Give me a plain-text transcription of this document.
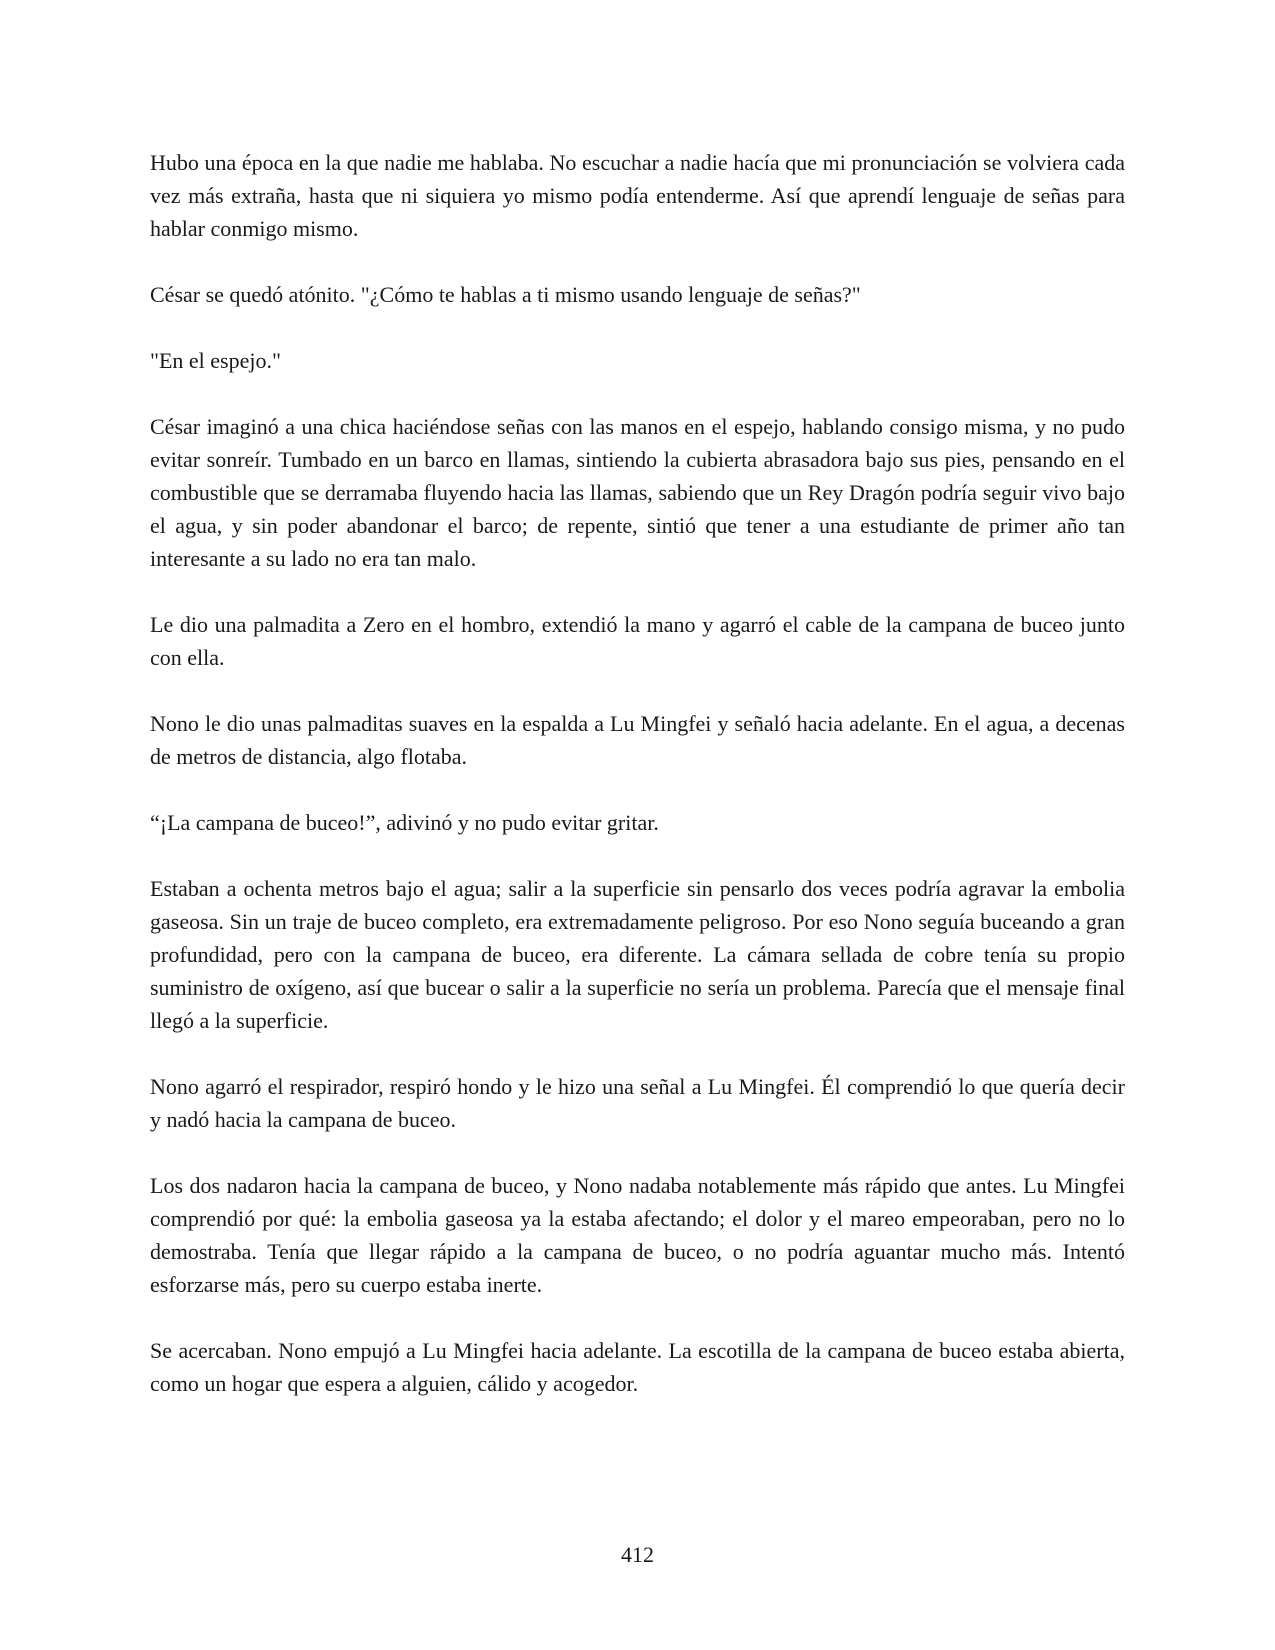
Hubo una época en la que nadie me hablaba. No escuchar a nadie hacía que mi pronunciación se volviera cada vez más extraña, hasta que ni siquiera yo mismo podía entenderme. Así que aprendí lenguaje de señas para hablar conmigo mismo.

César se quedó atónito. "¿Cómo te hablas a ti mismo usando lenguaje de señas?"

"En el espejo."

César imaginó a una chica haciéndose señas con las manos en el espejo, hablando consigo misma, y no pudo evitar sonreír. Tumbado en un barco en llamas, sintiendo la cubierta abrasadora bajo sus pies, pensando en el combustible que se derramaba fluyendo hacia las llamas, sabiendo que un Rey Dragón podría seguir vivo bajo el agua, y sin poder abandonar el barco; de repente, sintió que tener a una estudiante de primer año tan interesante a su lado no era tan malo.

Le dio una palmadita a Zero en el hombro, extendió la mano y agarró el cable de la campana de buceo junto con ella.

Nono le dio unas palmaditas suaves en la espalda a Lu Mingfei y señaló hacia adelante. En el agua, a decenas de metros de distancia, algo flotaba.

“¡La campana de buceo!”, adivinó y no pudo evitar gritar.

Estaban a ochenta metros bajo el agua; salir a la superficie sin pensarlo dos veces podría agravar la embolia gaseosa. Sin un traje de buceo completo, era extremadamente peligroso. Por eso Nono seguía buceando a gran profundidad, pero con la campana de buceo, era diferente. La cámara sellada de cobre tenía su propio suministro de oxígeno, así que bucear o salir a la superficie no sería un problema. Parecía que el mensaje final llegó a la superficie.

Nono agarró el respirador, respiró hondo y le hizo una señal a Lu Mingfei. Él comprendió lo que quería decir y nadó hacia la campana de buceo.

Los dos nadaron hacia la campana de buceo, y Nono nadaba notablemente más rápido que antes. Lu Mingfei comprendió por qué: la embolia gaseosa ya la estaba afectando; el dolor y el mareo empeoraban, pero no lo demostraba. Tenía que llegar rápido a la campana de buceo, o no podría aguantar mucho más. Intentó esforzarse más, pero su cuerpo estaba inerte.

Se acercaban. Nono empujó a Lu Mingfei hacia adelante. La escotilla de la campana de buceo estaba abierta, como un hogar que espera a alguien, cálido y acogedor.

412
